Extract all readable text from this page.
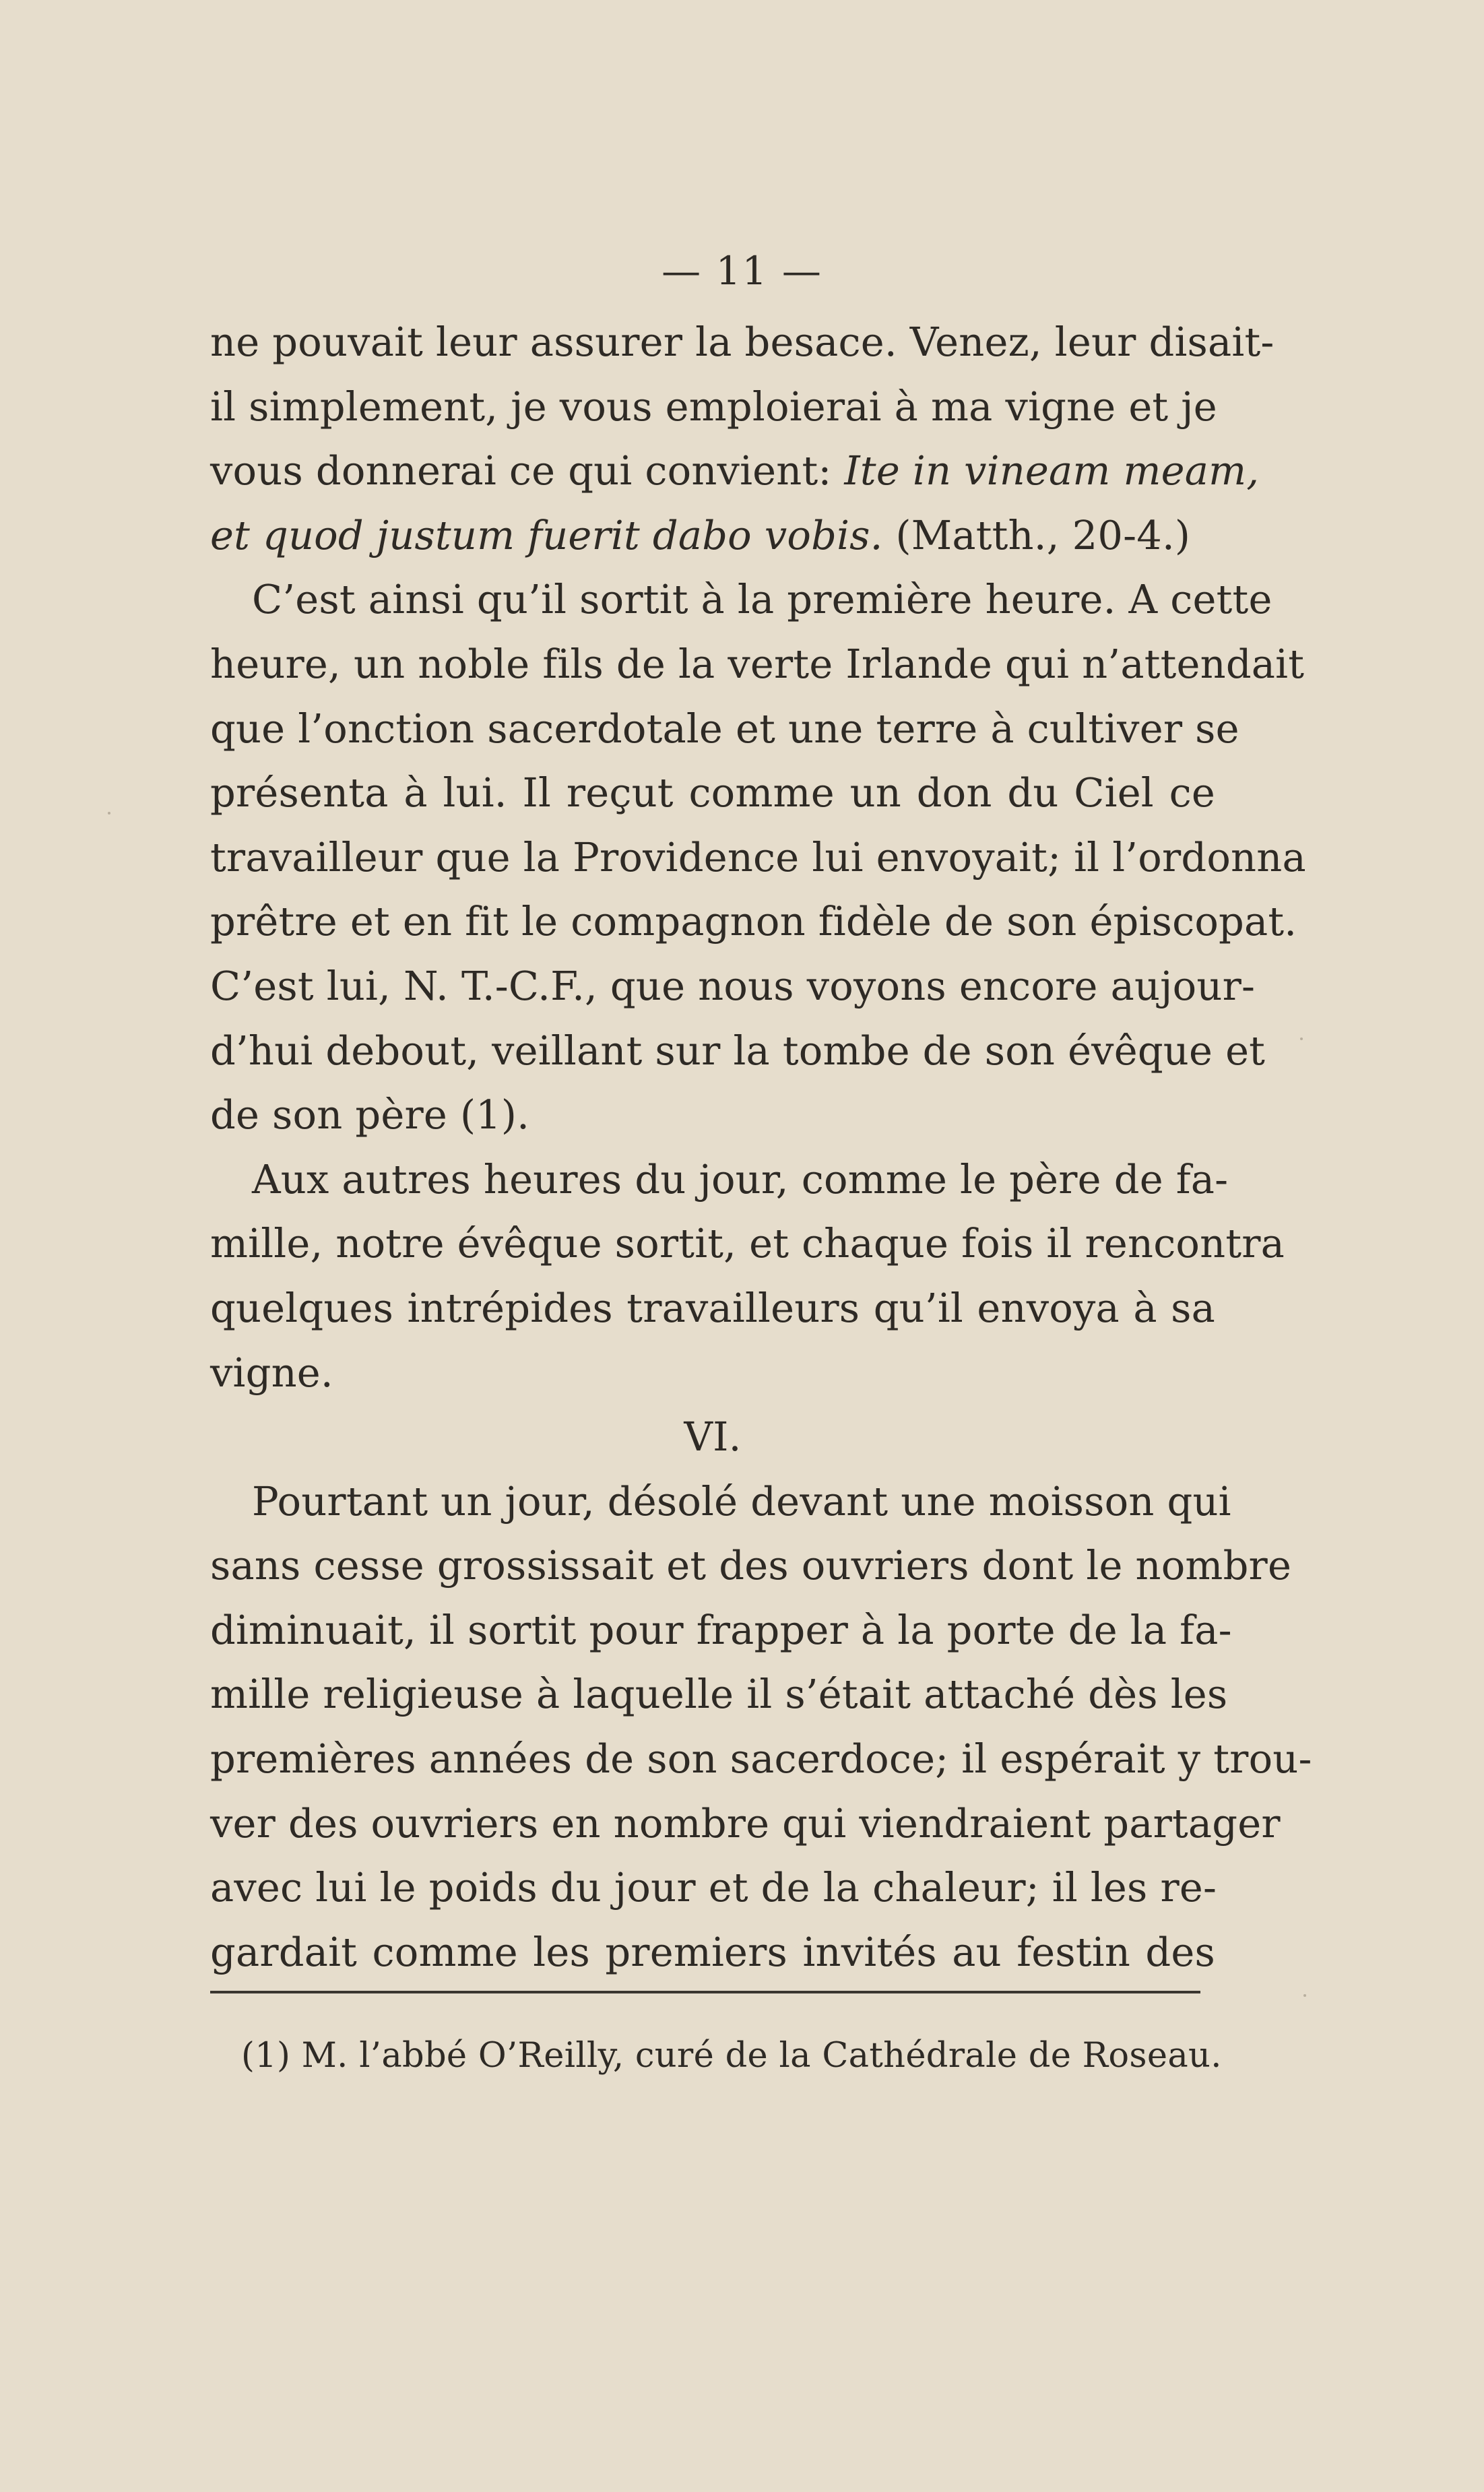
— 11 —
ne pouvait leur assurer la besace. Venez, leur disait-
il simplement, je vous emploierai à ma vigne et je
vous donnerai ce qui convient: Ite in vineam meam,
et quod justum fuerit dabo vobis. (Matth., 20-4.)
C’est ainsi qu’il sortit à la première heure. A cette
heure, un noble fils de la verte Irlande qui n’attendait
que l’onction sacerdotale et une terre à cultiver se
présenta à lui. Il reçut comme un don du Ciel ce
travailleur que la Providence lui envoyait; il l’ordonna
prêtre et en fit le compagnon fidèle de son épiscopat.
C’est lui, N. T.-C.F., que nous voyons encore aujour-
d’hui debout, veillant sur la tombe de son évêque et
de son père (1).
Aux autres heures du jour, comme le père de fa-
mille, notre évêque sortit, et chaque fois il rencontra
quelques intrépides travailleurs qu’il envoya à sa
vigne.
VI.
Pourtant un jour, désolé devant une moisson qui
sans cesse grossissait et des ouvriers dont le nombre
diminuait, il sortit pour frapper à la porte de la fa-
mille religieuse à laquelle il s’était attaché dès les
premières années de son sacerdoce; il espérait y trou-
ver des ouvriers en nombre qui viendraient partager
avec lui le poids du jour et de la chaleur; il les re-
gardait comme les premiers invités au festin des
(1) M. l’abbé O’Reilly, curé de la Cathédrale de Roseau.
